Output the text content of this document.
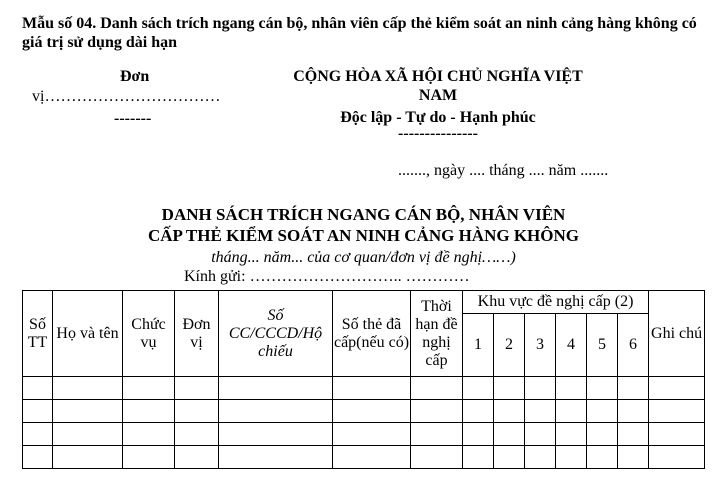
Mẫu số 04. Danh sách trích ngang cán bộ, nhân viên cấp thẻ kiểm soát an ninh cảng hàng không có giá trị sử dụng dài hạn
Đơn
vị……………………………
-------
CỘNG HÒA XÃ HỘI CHỦ NGHĨA VIỆT
NAM
Độc lập - Tự do - Hạnh phúc
---------------
......., ngày .... tháng .... năm .......
DANH SÁCH TRÍCH NGANG CÁN BỘ, NHÂN VIÊN
CẤP THẺ KIỂM SOÁT AN NINH CẢNG HÀNG KHÔNG
tháng... năm... của cơ quan/đơn vị đề nghị……)
Kính gửi: ……………………….. …………
Số TT	Họ và tên	Chức vụ	Đơn vị	Số CC/CCCD/Hộ chiếu	Số thẻ đã cấp(nếu có)	Thời hạn đề nghị cấp	Khu vực đề nghị cấp (2)						Ghi chú
							1	2	3	4	5	6	
